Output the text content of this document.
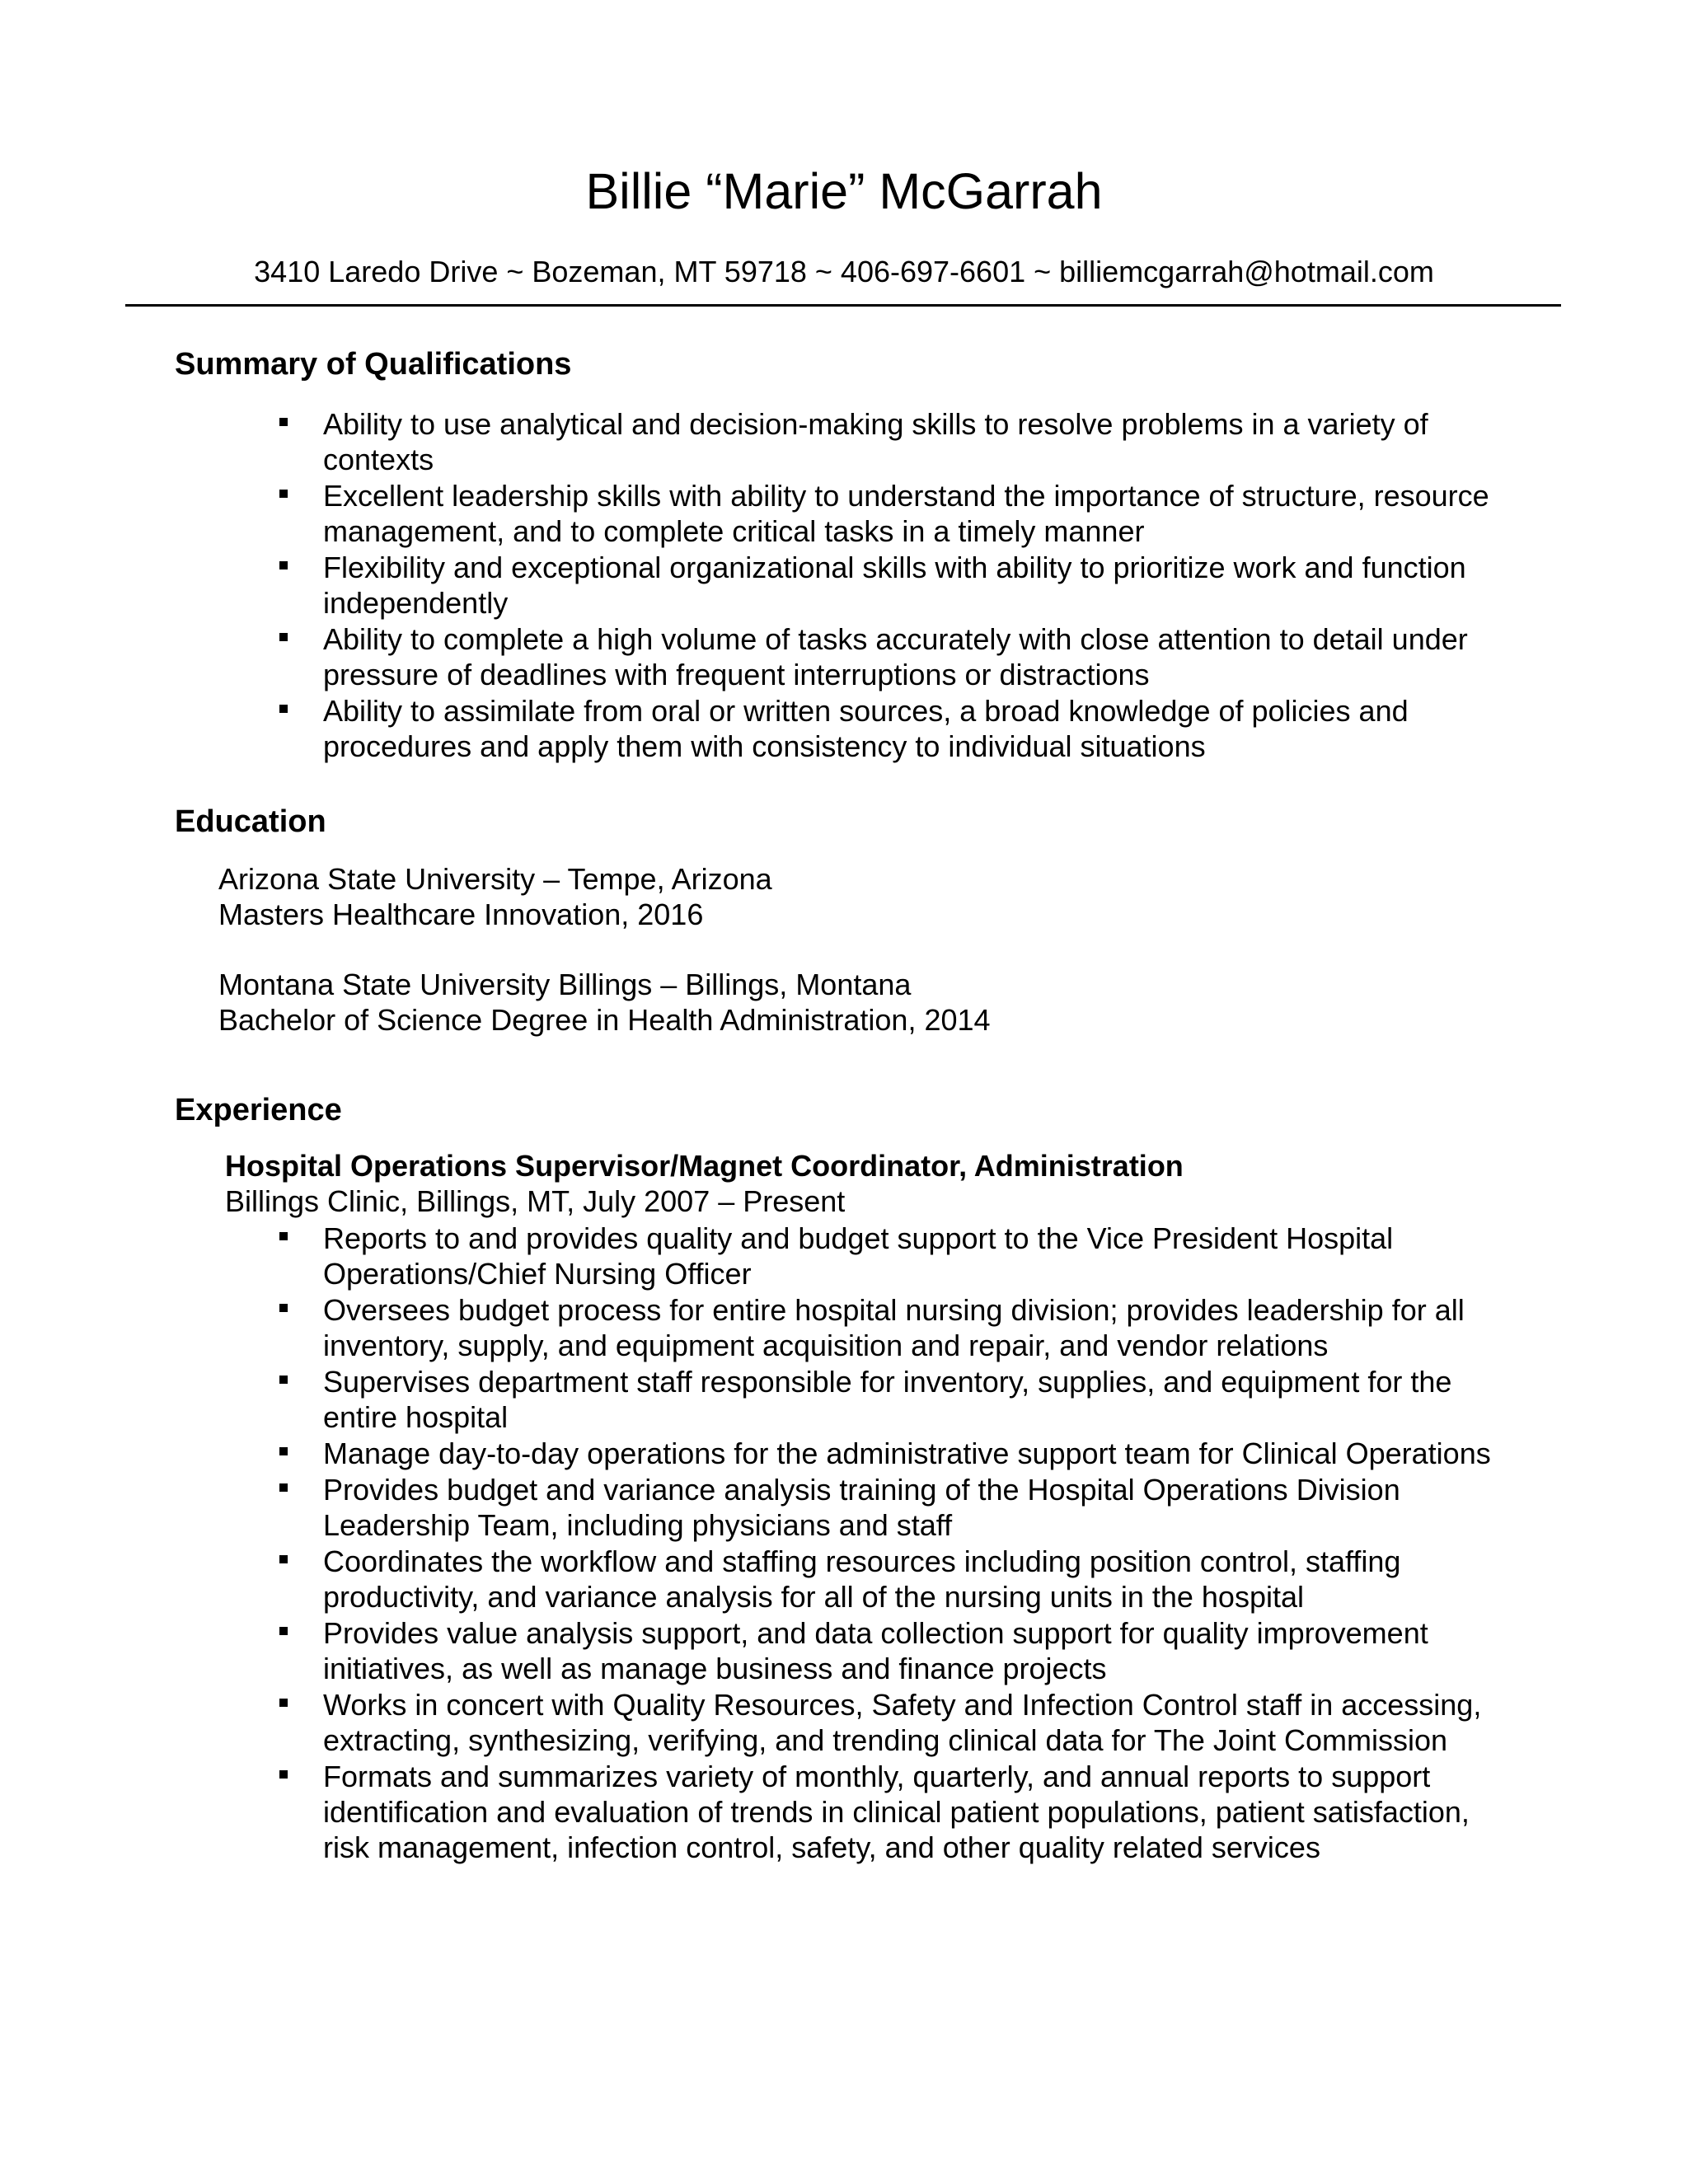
Billie “Marie” McGarrah
3410 Laredo Drive ~ Bozeman, MT 59718 ~ 406-697-6601 ~ billiemcgarrah@hotmail.com
Summary of Qualifications
Ability to use analytical and decision-making skills to resolve problems in a variety of contexts
Excellent leadership skills with ability to understand the importance of structure, resource management, and to complete critical tasks in a timely manner
Flexibility and exceptional organizational skills with ability to prioritize work and function independently
Ability to complete a high volume of tasks accurately with close attention to detail under pressure of deadlines with frequent interruptions or distractions
Ability to assimilate from oral or written sources, a broad knowledge of policies and procedures and apply them with consistency to individual situations
Education
Arizona State University – Tempe, Arizona
Masters Healthcare Innovation, 2016
Montana State University Billings – Billings, Montana
Bachelor of Science Degree in Health Administration, 2014
Experience
Hospital Operations Supervisor/Magnet Coordinator, Administration
Billings Clinic, Billings, MT, July 2007 – Present
Reports to and provides quality and budget support to the Vice President Hospital Operations/Chief Nursing Officer
Oversees budget process for entire hospital nursing division; provides leadership for all inventory, supply, and equipment acquisition and repair, and vendor relations
Supervises department staff responsible for inventory, supplies, and equipment for the entire hospital
Manage day-to-day operations for the administrative support team for Clinical Operations
Provides budget and variance analysis training of the Hospital Operations Division Leadership Team, including physicians and staff
Coordinates the workflow and staffing resources including position control, staffing productivity, and variance analysis for all of the nursing units in the hospital
Provides value analysis support, and data collection support for quality improvement initiatives, as well as manage business and finance projects
Works in concert with Quality Resources, Safety and Infection Control staff in accessing, extracting, synthesizing, verifying, and trending clinical data for The Joint Commission
Formats and summarizes variety of monthly, quarterly, and annual reports to support identification and evaluation of trends in clinical patient populations, patient satisfaction, risk management, infection control, safety, and other quality related services
